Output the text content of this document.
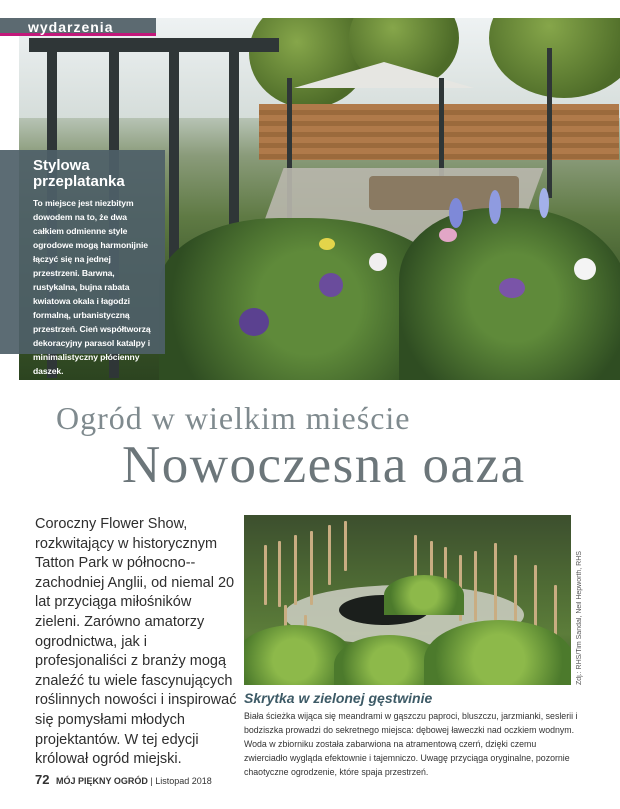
wydarzenia
Stylowa przeplatanka

To miejsce jest niezbitym dowodem na to, że dwa całkiem odmienne style ogrodowe mogą harmonijnie łączyć się na jednej przestrzeni. Barwna, rustykalna, bujna rabata kwiatowa okala i łagodzi formalną, urbanistyczną przestrzeń. Cień współtworzą dekoracyjny parasol katalpy i minimalistyczny płócienny daszek.

Ogród w wielkim mieście
Nowoczesna oaza
Coroczny Flower Show, rozkwitający w historycznym Tatton Park w północno--zachodniej Anglii, od niemal 20 lat przyciąga miłośników zieleni. Zarówno amatorzy ogrodnictwa, jak i profesjonaliści z branży mogą znaleźć tu wiele fascynujących roślinnych nowości i inspirować się pomysłami młodych projektantów. W tej edycji królował ogród miejski.
Zdj.: RHS/Tim Sandal, Neil Hepworth, RHS
Skrytka w zielonej gęstwinie
Biała ścieżka wijąca się meandrami w gąszczu paproci, bluszczu, jarzmianki, seslerii i bodziszka prowadzi do sekretnego miejsca: dębowej ławeczki nad oczkiem wodnym. Woda w zbiorniku została zabarwiona na atramentową czerń, dzięki czemu zwierciadło wygląda efektownie i tajemniczo. Uwagę przyciąga oryginalne, pozornie chaotyczne ogrodzenie, które spaja przestrzeń.
72 MÓJ PIĘKNY OGRÓD | Listopad 2018
